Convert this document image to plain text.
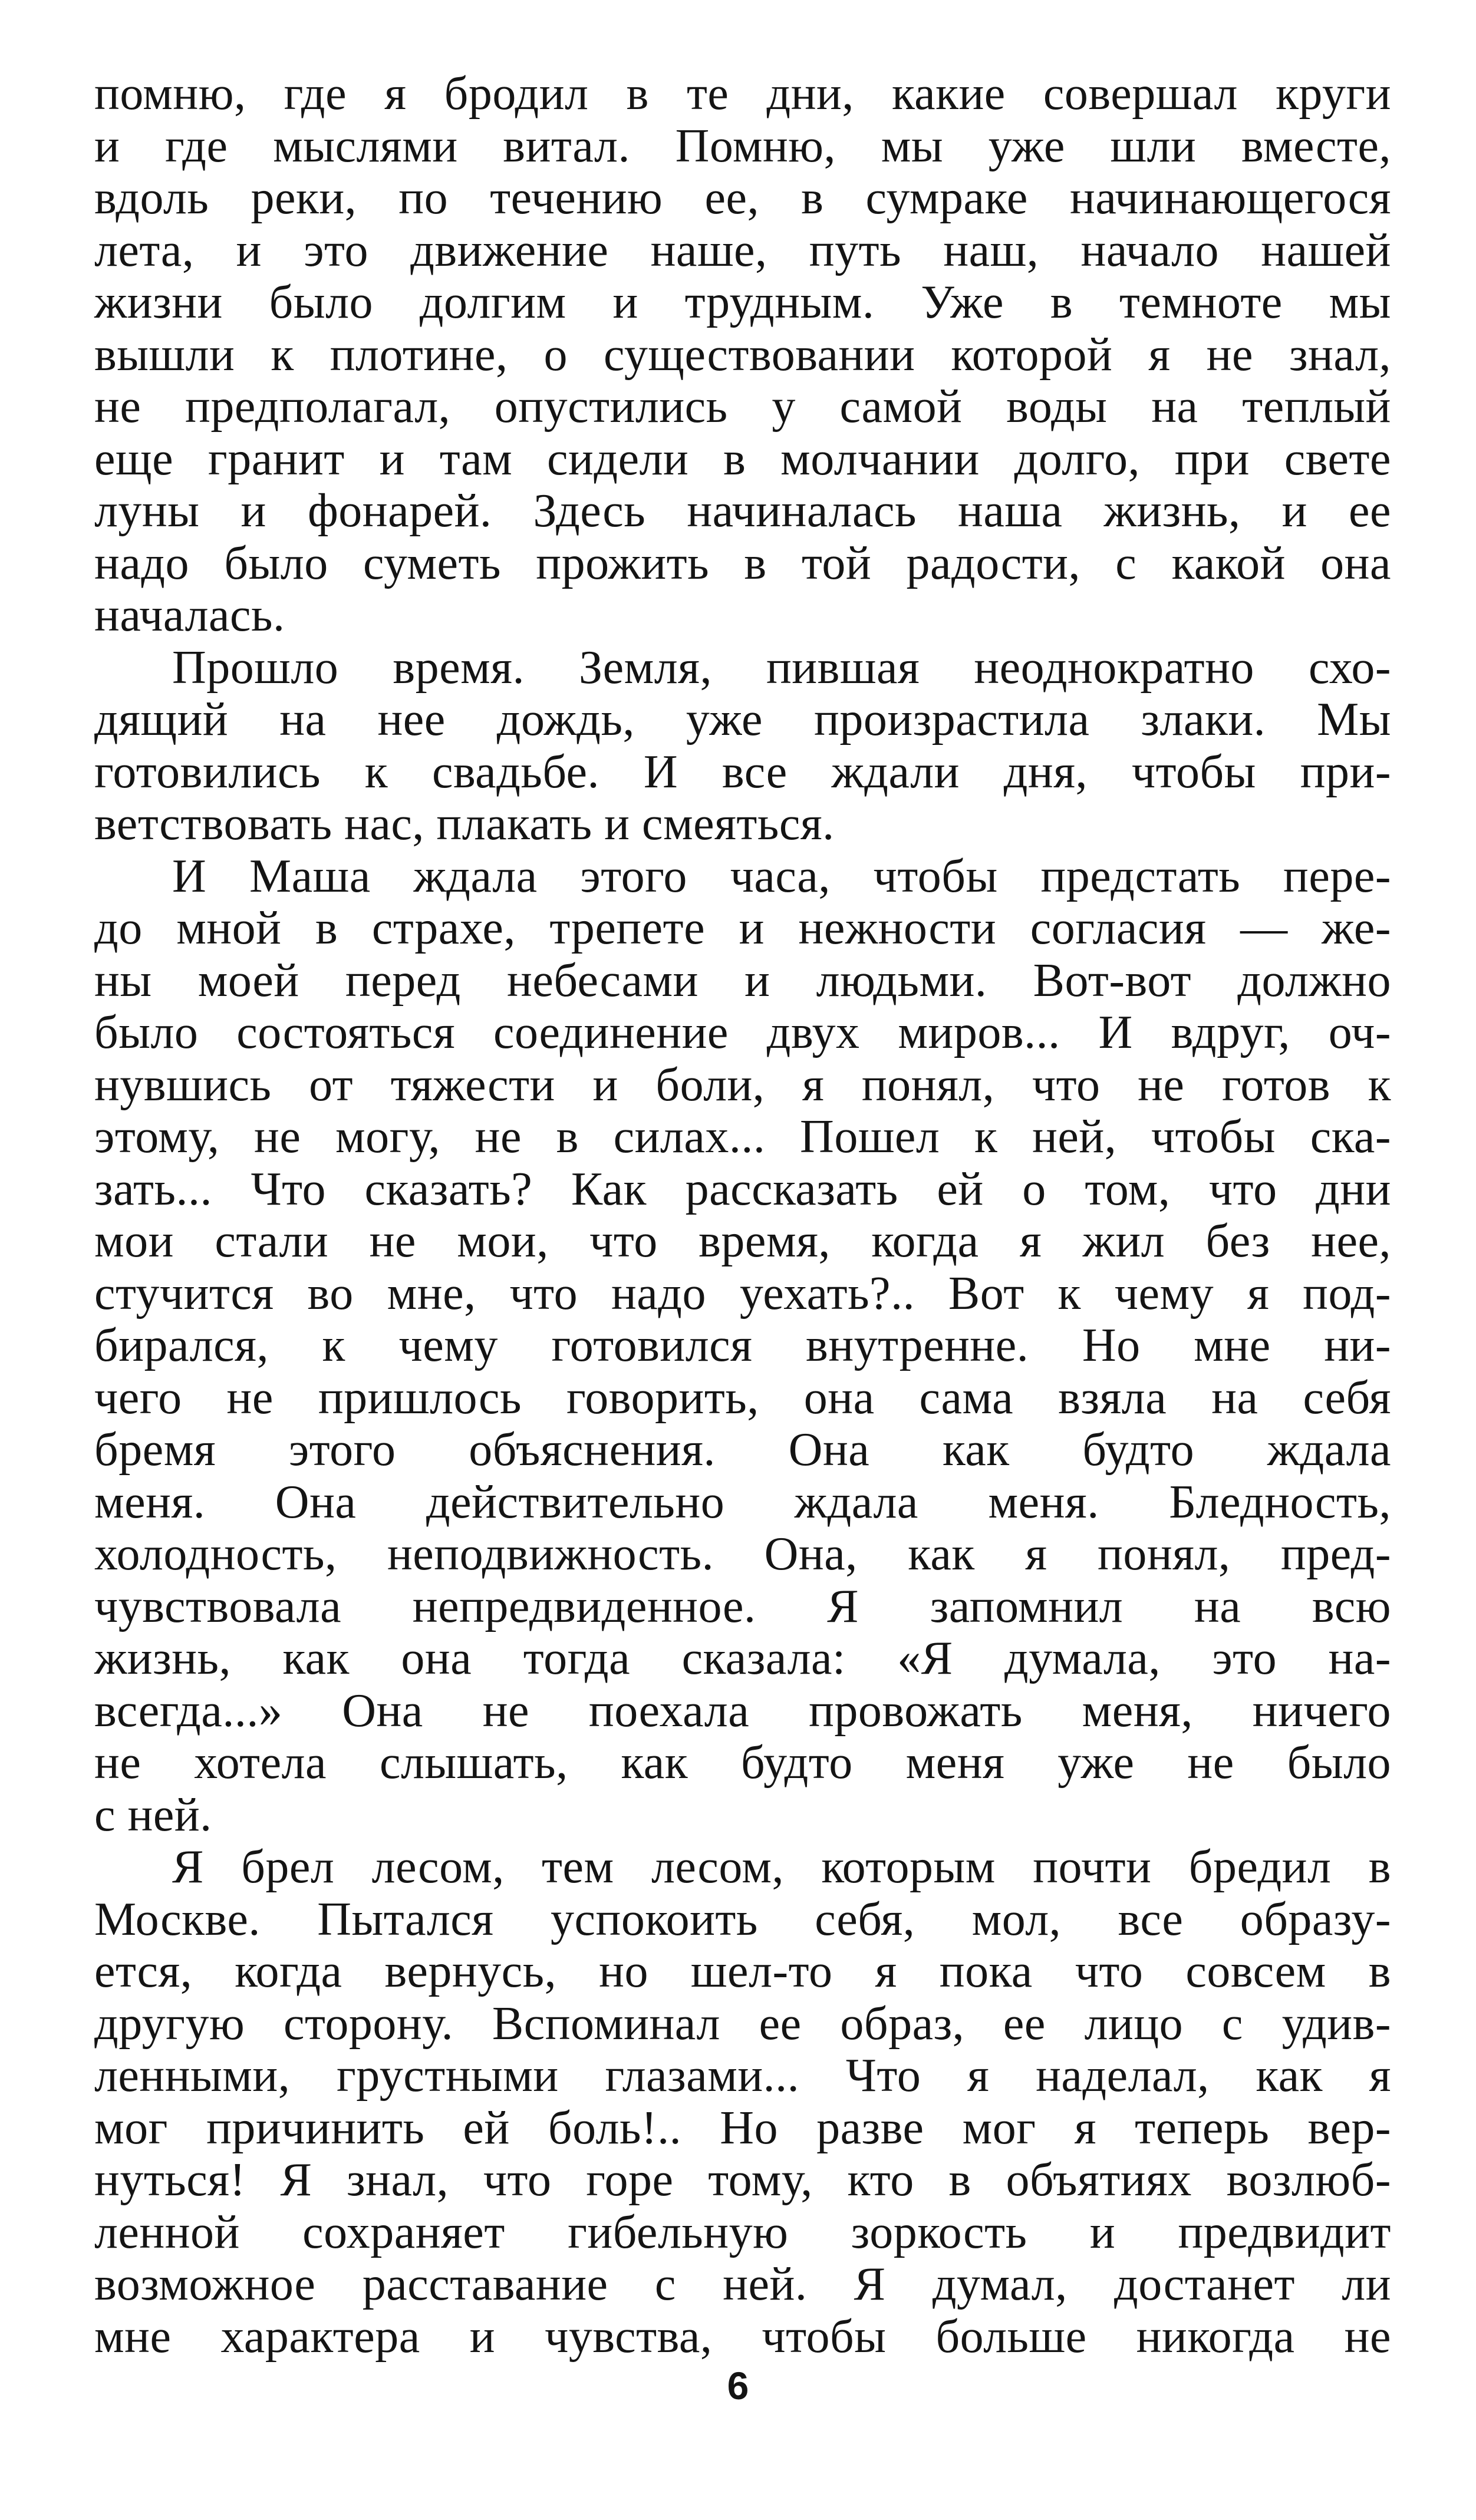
помню, где я бродил в те дни, какие совершал круги
и где мыслями витал. Помню, мы уже шли вместе,
вдоль реки, по течению ее, в сумраке начинающегося
лета, и это движение наше, путь наш, начало нашей
жизни было долгим и трудным. Уже в темноте мы
вышли к плотине, о существовании которой я не знал,
не предполагал, опустились у самой воды на теплый
еще гранит и там сидели в молчании долго, при свете
луны и фонарей. Здесь начиналась наша жизнь, и ее
надо было суметь прожить в той радости, с какой она
началась.
Прошло время. Земля, пившая неоднократно схо-
дящий на нее дождь, уже произрастила злаки. Мы
готовились к свадьбе. И все ждали дня, чтобы при-
ветствовать нас, плакать и смеяться.
И Маша ждала этого часа, чтобы предстать пере-
до мной в страхе, трепете и нежности согласия — же-
ны моей перед небесами и людьми. Вот-вот должно
было состояться соединение двух миров... И вдруг, оч-
нувшись от тяжести и боли, я понял, что не готов к
этому, не могу, не в силах... Пошел к ней, чтобы ска-
зать... Что сказать? Как рассказать ей о том, что дни
мои стали не мои, что время, когда я жил без нее,
стучится во мне, что надо уехать?.. Вот к чему я под-
бирался, к чему готовился внутренне. Но мне ни-
чего не пришлось говорить, она сама взяла на себя
бремя этого объяснения. Она как будто ждала
меня. Она действительно ждала меня. Бледность,
холодность, неподвижность. Она, как я понял, пред-
чувствовала непредвиденное. Я запомнил на всю
жизнь, как она тогда сказала: «Я думала, это на-
всегда...» Она не поехала провожать меня, ничего
не хотела слышать, как будто меня уже не было
с ней.
Я брел лесом, тем лесом, которым почти бредил в
Москве. Пытался успокоить себя, мол, все образу-
ется, когда вернусь, но шел-то я пока что совсем в
другую сторону. Вспоминал ее образ, ее лицо с удив-
ленными, грустными глазами... Что я наделал, как я
мог причинить ей боль!.. Но разве мог я теперь вер-
нуться! Я знал, что горе тому, кто в объятиях возлюб-
ленной сохраняет гибельную зоркость и предвидит
возможное расставание с ней. Я думал, достанет ли
мне характера и чувства, чтобы больше никогда не
6
